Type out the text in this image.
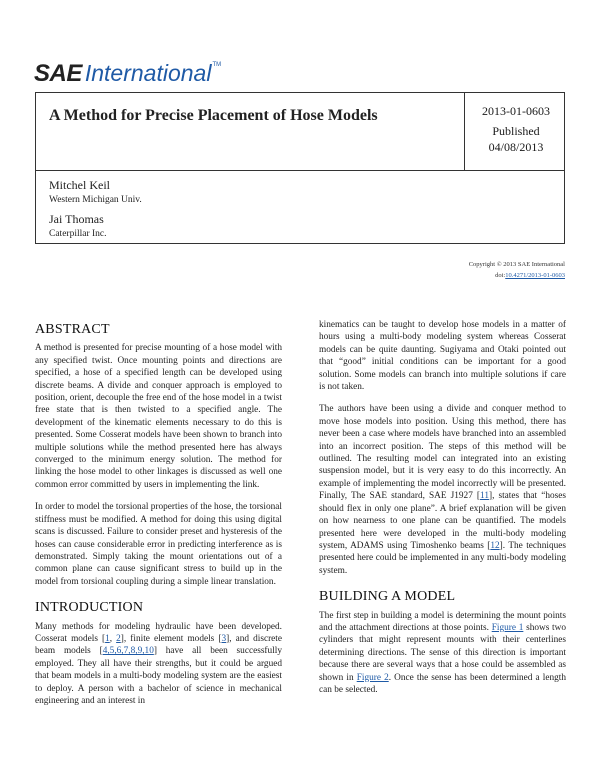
SAE International TM
A Method for Precise Placement of Hose Models	2013-01-0603
Published
04/08/2013
Mitchel Keil
Western Michigan Univ.
Jai Thomas
Caterpillar Inc.
Copyright © 2013 SAE International
doi:10.4271/2013-01-0603
ABSTRACT

A method is presented for precise mounting of a hose model with any specified twist. Once mounting points and directions are specified, a hose of a specified length can be developed using discrete beams. A divide and conquer approach is employed to position, orient, decouple the free end of the hose model in a twist free state that is then twisted to a specified angle. The development of the kinematic elements necessary to do this is presented. Some Cosserat models have been shown to branch into multiple solutions while the method presented here has always converged to the minimum energy solution. The method for linking the hose model to other linkages is discussed as well one common error committed by users in implementing the link.

In order to model the torsional properties of the hose, the torsional stiffness must be modified. A method for doing this using digital scans is discussed. Failure to consider preset and hysteresis of the hoses can cause considerable error in predicting interference as is demonstrated. Simply taking the mount orientations out of a common plane can cause significant stress to build up in the model from torsional coupling during a simple linear translation.

INTRODUCTION

Many methods for modeling hydraulic have been developed. Cosserat models [1, 2], finite element models [3], and discrete beam models [4,5,6,7,8,9,10] have all been successfully employed. They all have their strengths, but it could be argued that beam models in a multi-body modeling system are the easiest to deploy. A person with a bachelor of science in mechanical engineering and an interest in

kinematics can be taught to develop hose models in a matter of hours using a multi-body modeling system whereas Cosserat models can be quite daunting. Sugiyama and Otaki pointed out that “good” initial conditions can be important for a good solution. Some models can branch into multiple solutions if care is not taken.

The authors have been using a divide and conquer method to move hose models into position. Using this method, there has never been a case where models have branched into an assembled into an incorrect position. The steps of this method will be outlined. The resulting model can integrated into an existing suspension model, but it is very easy to do this incorrectly. An example of implementing the model incorrectly will be presented. Finally, The SAE standard, SAE J1927 [11], states that “hoses should flex in only one plane”. A brief explanation will be given on how nearness to one plane can be quantified. The models presented here were developed in the multi-body modeling system, ADAMS using Timoshenko beams [12]. The techniques presented here could be implemented in any multi-body modeling system.

BUILDING A MODEL

The first step in building a model is determining the mount points and the attachment directions at those points. Figure 1 shows two cylinders that might represent mounts with their centerlines determining directions. The sense of this direction is important because there are several ways that a hose could be assembled as shown in Figure 2. Once the sense has been determined a length can be selected.
